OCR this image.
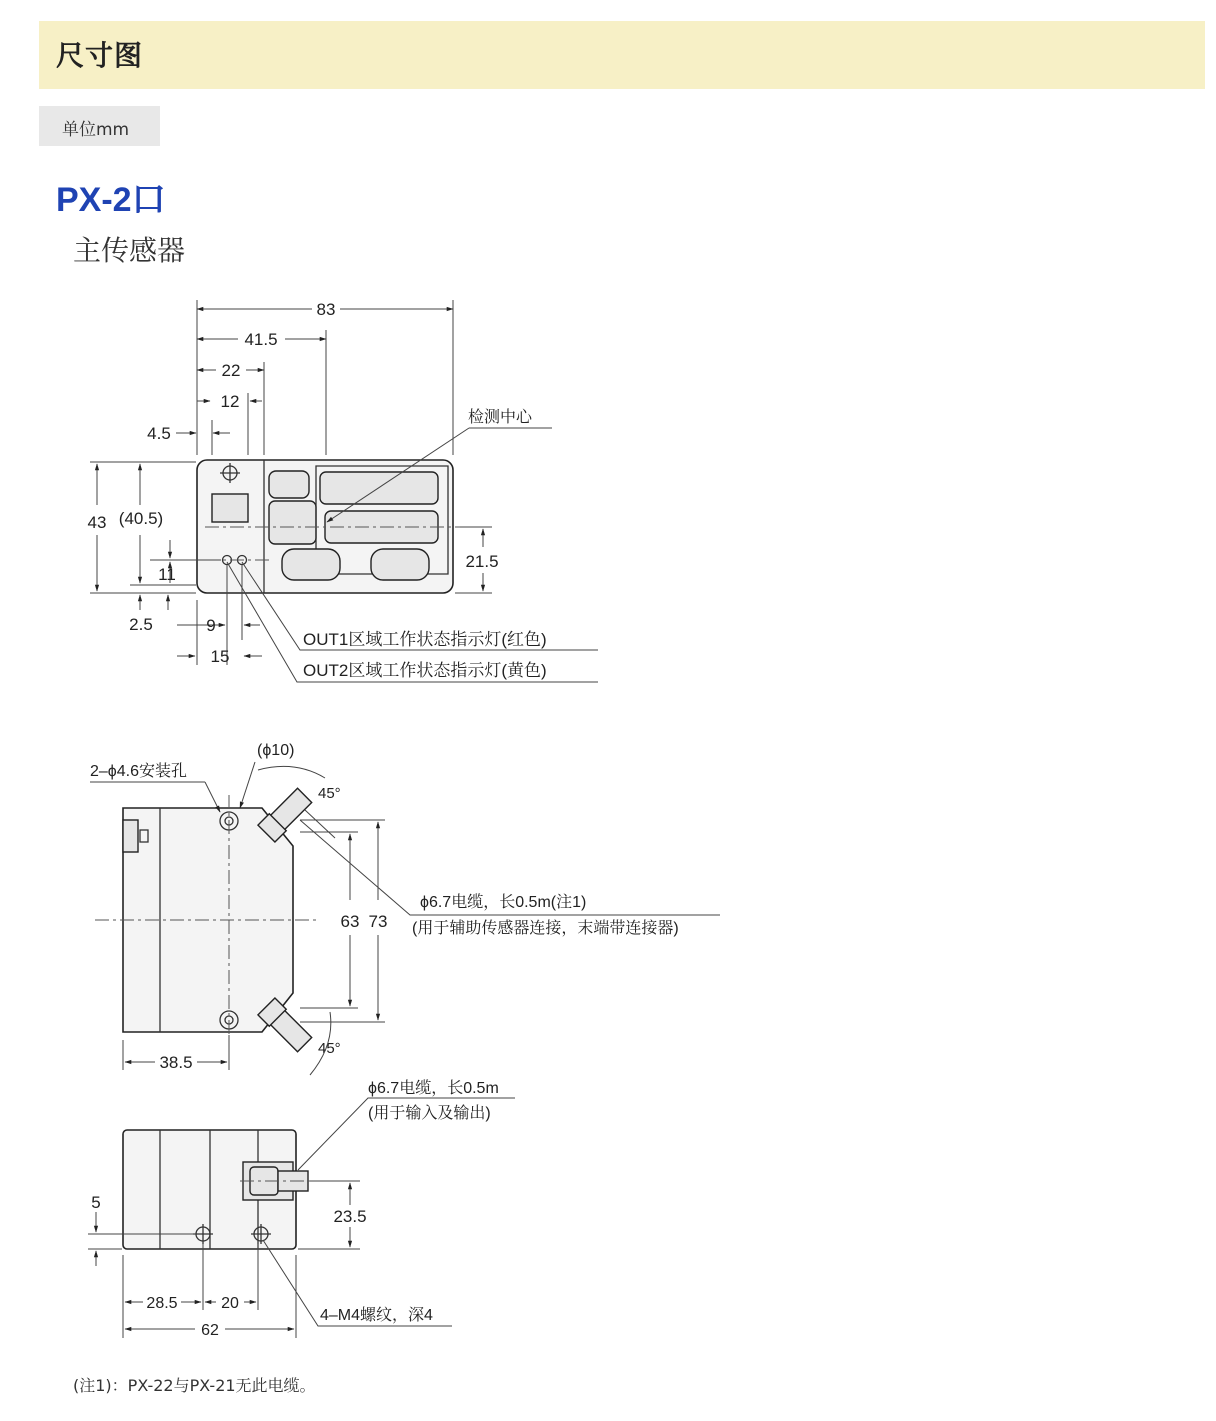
尺寸图
单位mm
PX-2口
主传感器
83
41.5
22
12
4.5
43 (40.5)
11
2.5	9
15
21.5
检测中心
OUT1区域工作状态指示灯(红色)
OUT2区域工作状态指示灯(黄色)
2–ϕ4.6安装孔
(ϕ10)
45°
45°
63 73
38.5
ϕ6.7电缆，长0.5m(注1)
(用于辅助传感器连接，末端带连接器)
ϕ6.7电缆，长0.5m
(用于输入及输出)
23.5
5
28.5	20
62
4–M4螺纹，深4
(注1)：PX-22与PX-21无此电缆。
